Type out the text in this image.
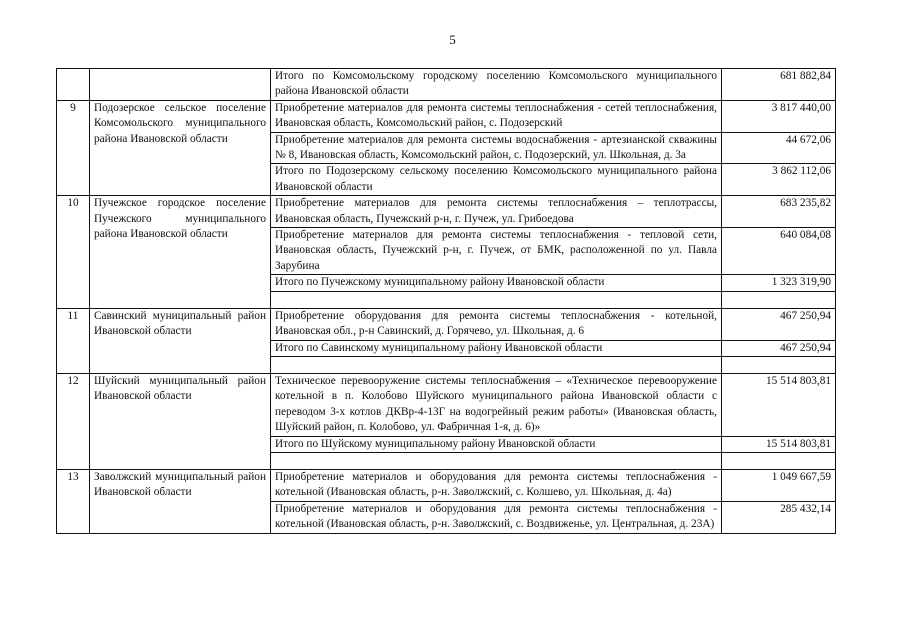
5
		Итого по Комсомольскому городскому поселению Комсомольского муниципального района Ивановской области	681 882,84
9	Подозерское сельское поселение Комсомольского муниципального района Ивановской области	Приобретение материалов для ремонта системы теплоснабжения - сетей теплоснабжения, Ивановская область, Комсомольский район, с. Подозерский	3 817 440,00
		Приобретение материалов для ремонта системы водоснабжения - артезианской скважины № 8, Ивановская область, Комсомольский район, с. Подозерский, ул. Школьная, д. 3а	44 672,06
		Итого по Подозерскому сельскому поселению Комсомольского муниципального района Ивановской области	3 862 112,06
10	Пучежское городское поселение Пучежского муниципального района Ивановской области	Приобретение материалов для ремонта системы теплоснабжения – теплотрассы, Ивановская область, Пучежский р-н, г. Пучеж, ул. Грибоедова	683 235,82
		Приобретение материалов для ремонта системы теплоснабжения - тепловой сети, Ивановская область, Пучежский р-н, г. Пучеж, от БМК, расположенной по ул. Павла Зарубина	640 084,08
		Итого по Пучежскому муниципальному району Ивановской области	1 323 319,90

11	Савинский муниципальный район Ивановской области	Приобретение оборудования для ремонта системы теплоснабжения - котельной, Ивановская обл., р-н Савинский, д. Горячево, ул. Школьная, д. 6	467 250,94
		Итого по Савинскому муниципальному району Ивановской области	467 250,94

12	Шуйский муниципальный район Ивановской области	Техническое перевооружение системы теплоснабжения – «Техническое перевооружение котельной в п. Колобово Шуйского муниципального района Ивановской области с переводом 3-х котлов ДКВр-4-13Г на водогрейный режим работы» (Ивановская область, Шуйский район, п. Колобово, ул. Фабричная 1-я, д. 6)»	15 514 803,81
		Итого по Шуйскому муниципальному району Ивановской области	15 514 803,81

13	Заволжский муниципальный район Ивановской области	Приобретение материалов и оборудования для ремонта системы теплоснабжения - котельной (Ивановская область, р-н. Заволжский, с. Колшево, ул. Школьная, д. 4а)	1 049 667,59
		Приобретение материалов и оборудования для ремонта системы теплоснабжения - котельной (Ивановская область, р-н. Заволжский, с. Воздвиженье, ул. Центральная, д. 23А)	285 432,14
